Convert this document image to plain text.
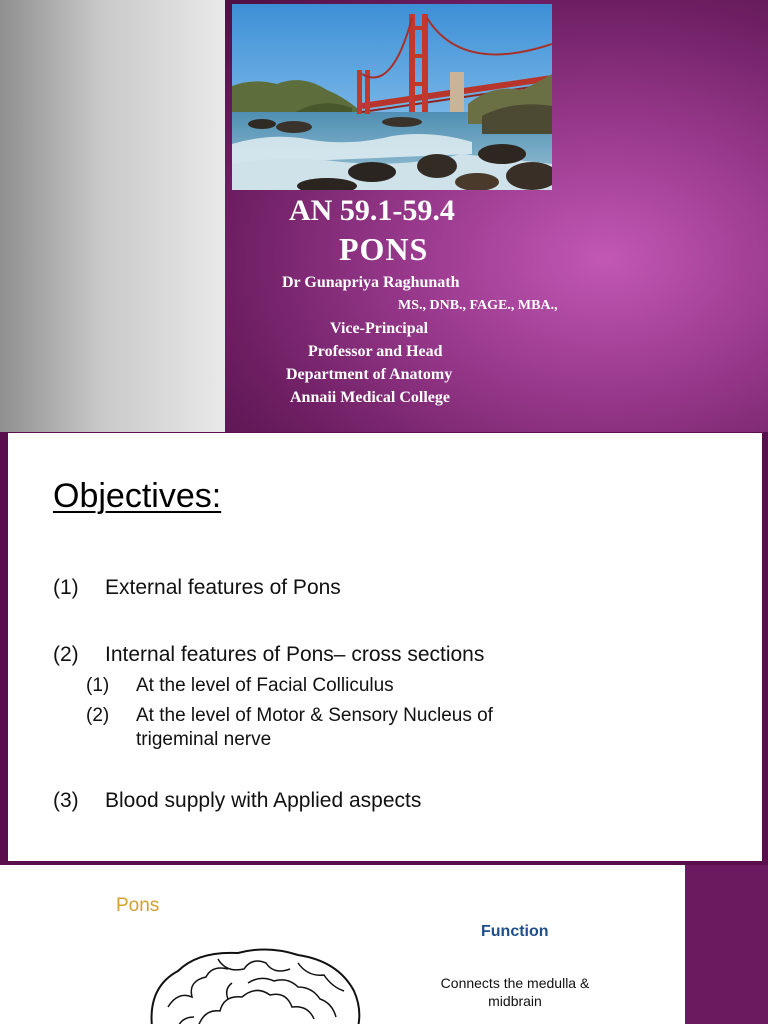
AN 59.1-59.4
PONS
Dr Gunapriya Raghunath
MS., DNB., FAGE., MBA.,
Vice-Principal
Professor and Head
Department of Anatomy
Annaii Medical College
Objectives:
(1) External features of Pons
(2) Internal features of Pons– cross sections
(1) At the level of Facial Colliculus
(2) At the level of Motor & Sensory Nucleus of
trigeminal nerve
(3) Blood supply with Applied aspects
Pons
Function
Connects the medulla & midbrain
